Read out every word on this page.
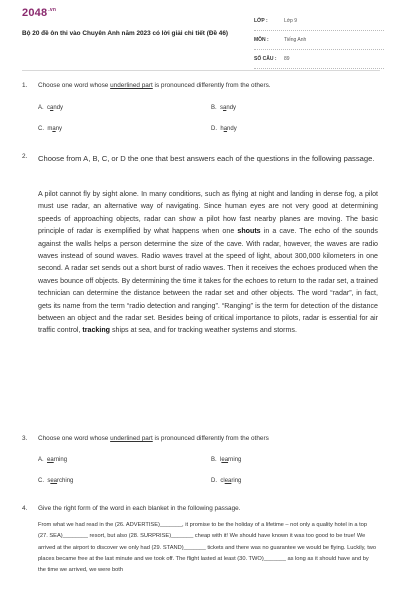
$2048^{.vn}$
Bộ 20 đề ôn thi vào Chuyên Anh năm 2023 có lời giải chi tiết (Đề 46)
LỚP :	Lớp 9
MÔN :	Tiếng Anh
SỐ CÂU : 89
1. Choose one word whose underlined part is pronounced differently from the others.
A. candy	B. sandy
C. many	D. handy
2. Choose from A, B, C, or D the one that best answers each of the questions in the following passage.
A pilot cannot fly by sight alone. In many conditions, such as flying at night and landing in dense fog, a pilot must use radar, an alternative way of navigating. Since human eyes are not very good at determining speeds of approaching objects, radar can show a pilot how fast nearby planes are moving. The basic principle of radar is exemplified by what happens when one shouts in a cave. The echo of the sounds against the walls helps a person determine the size of the cave. With radar, however, the waves are radio waves instead of sound waves. Radio waves travel at the speed of light, about 300,000 kilometers in one second. A radar set sends out a short burst of radio waves. Then it receives the echoes produced when the waves bounce off objects. By determining the time it takes for the echoes to return to the radar set, a trained technician can determine the distance between the radar set and other objects. The word “radar”, in fact, gets its name from the term “radio detection and ranging”. “Ranging” is the term for detection of the distance between an object and the radar set. Besides being of critical importance to pilots, radar is essential for air traffic control, tracking ships at sea, and for tracking weather systems and storms.
3. Choose one word whose underlined part is pronounced differently from the others
A. earning	B. learning
C. searching	D. clearing
4. Give the right form of the word in each blanket in the following passage.
From what we had read in the (26. ADVERTISE)_______, it promise to be the holiday of a lifetime – not only a quality hotel in a top (27. SEA)________ resort, but also (28. SURPRISE)_______ cheap with it! We should have known it was too good to be true! We arrived at the airport to discover we only had (29. STAND)_______ tickets and there was no guarantee we would be flying. Luckily, two places became free at the last minute and we took off. The flight lasted at least (30. TWO)_______ as long as it should have and by the time we arrived, we were both
